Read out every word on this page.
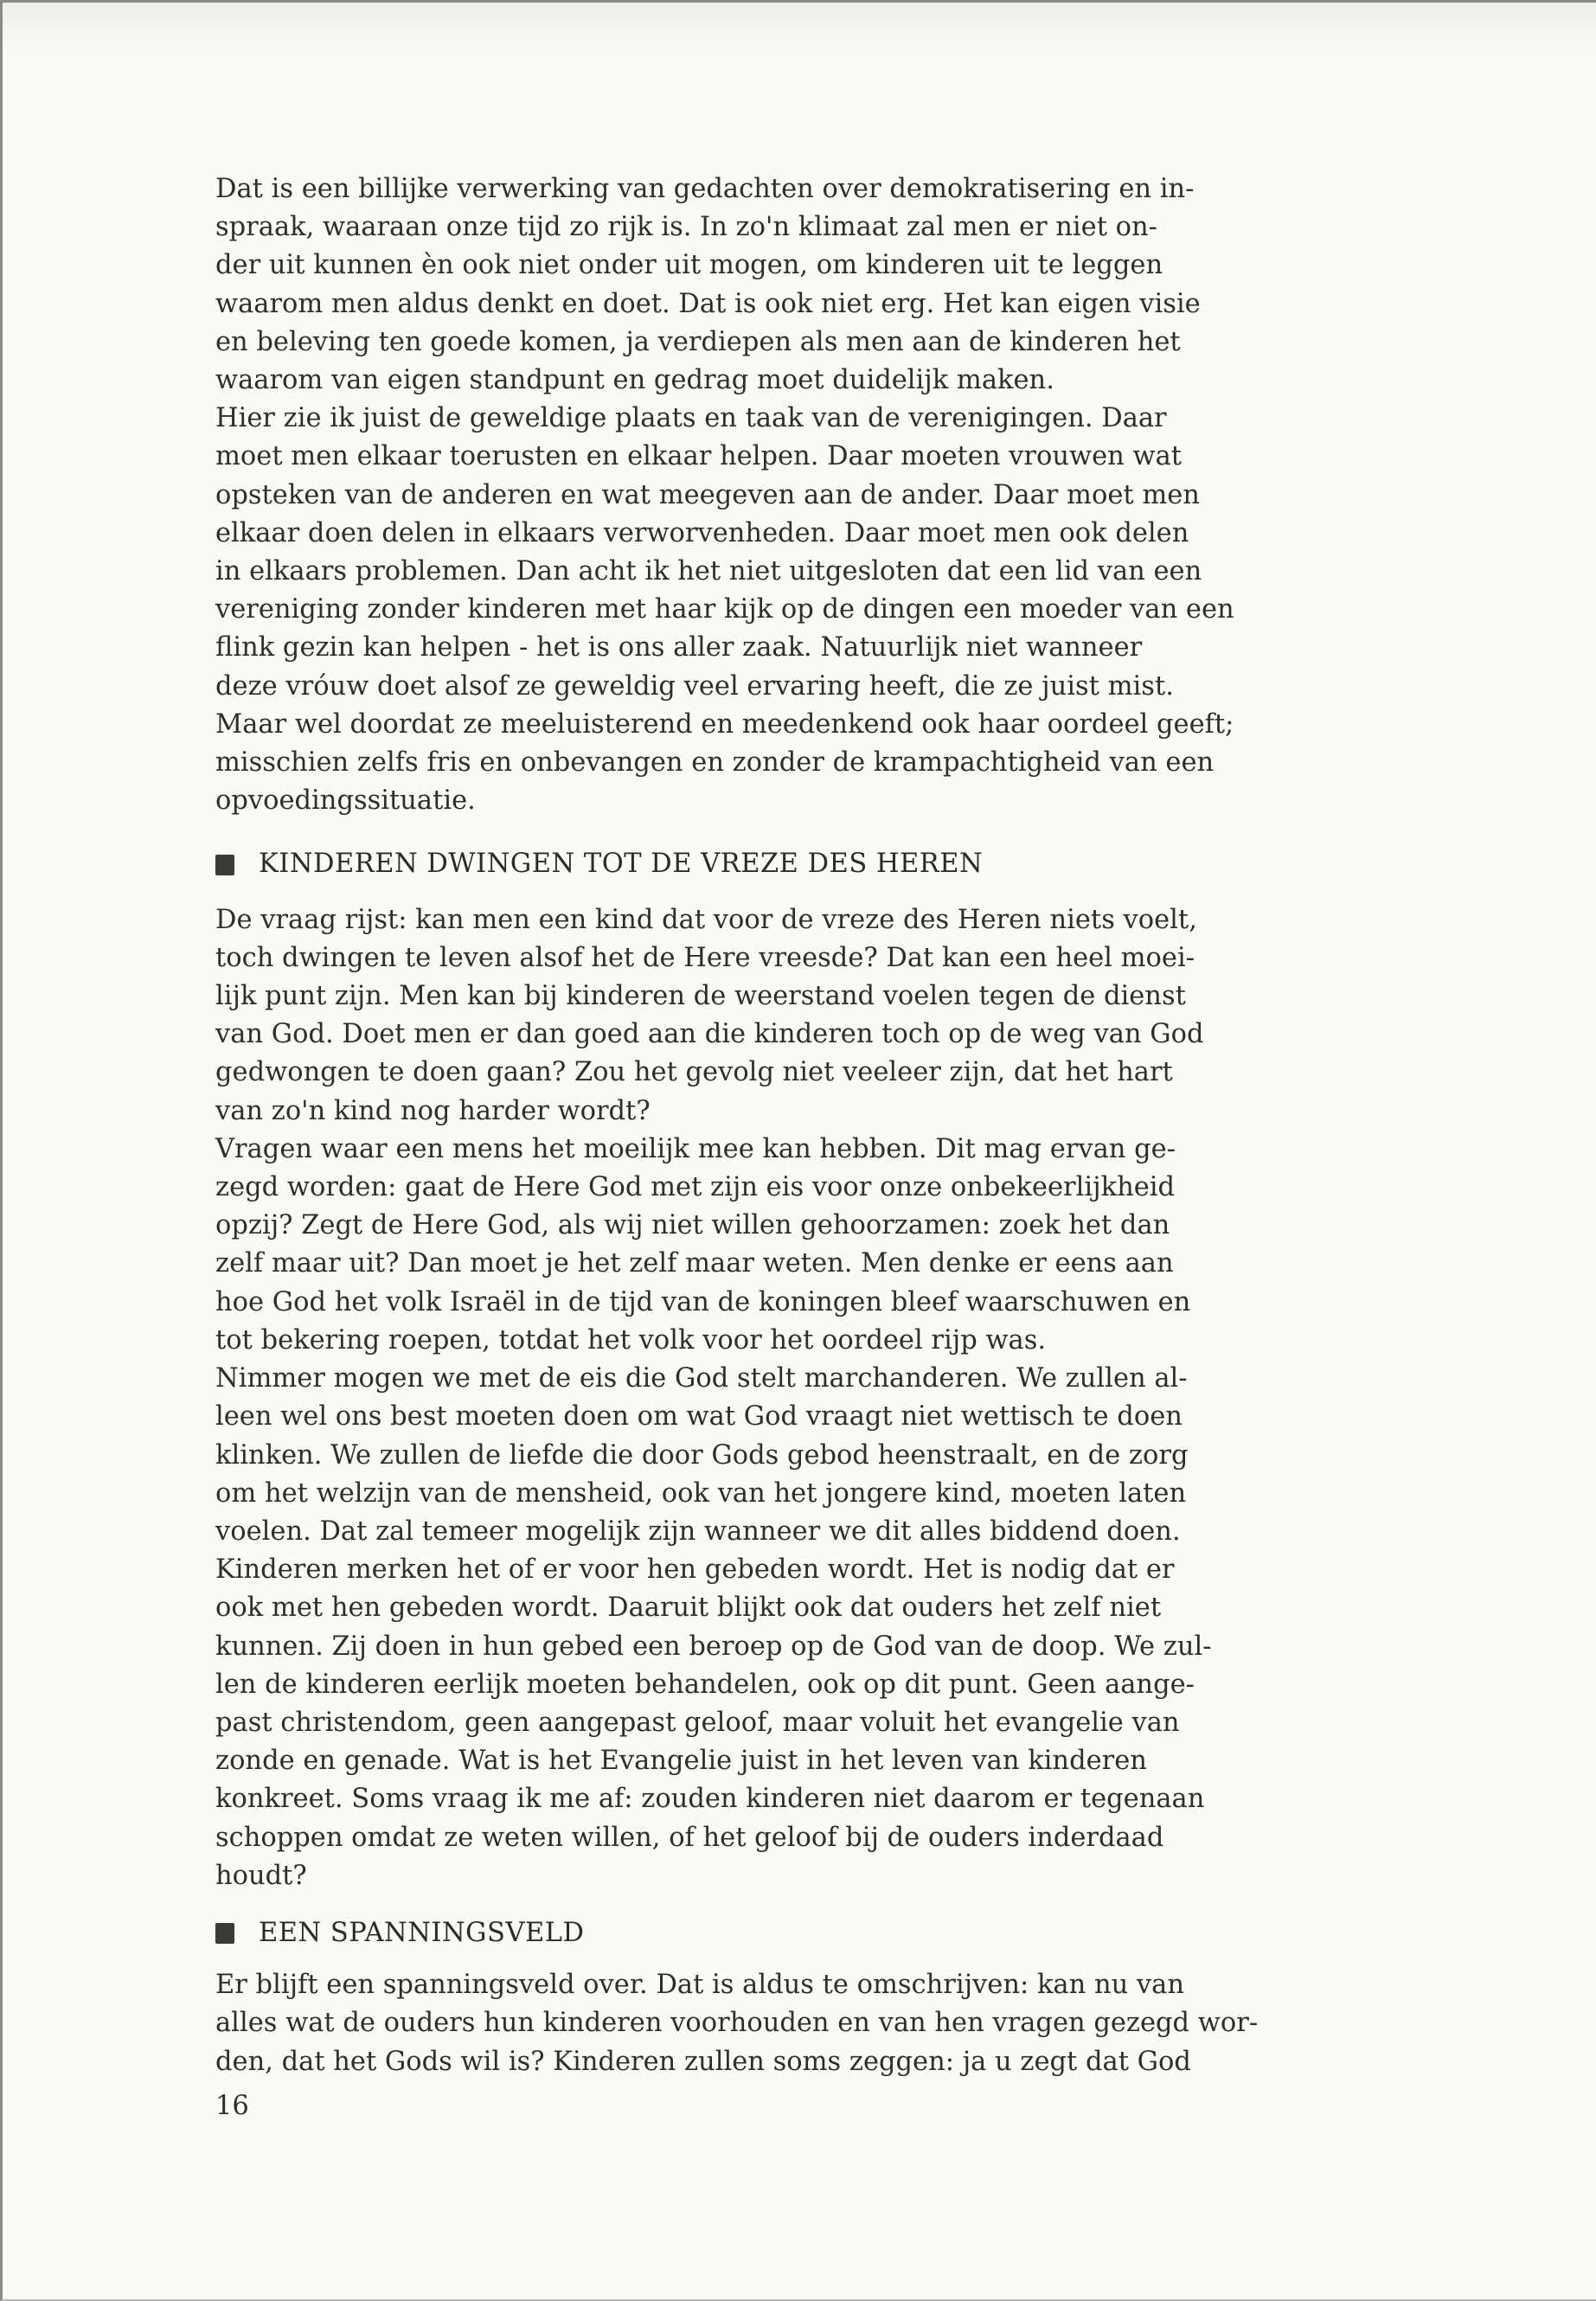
Dat is een billijke verwerking van gedachten over demokratisering en in-
spraak, waaraan onze tijd zo rijk is. In zo'n klimaat zal men er niet on-
der uit kunnen èn ook niet onder uit mogen, om kinderen uit te leggen
waarom men aldus denkt en doet. Dat is ook niet erg. Het kan eigen visie
en beleving ten goede komen, ja verdiepen als men aan de kinderen het
waarom van eigen standpunt en gedrag moet duidelijk maken.
Hier zie ik juist de geweldige plaats en taak van de verenigingen. Daar
moet men elkaar toerusten en elkaar helpen. Daar moeten vrouwen wat
opsteken van de anderen en wat meegeven aan de ander. Daar moet men
elkaar doen delen in elkaars verworvenheden. Daar moet men ook delen
in elkaars problemen. Dan acht ik het niet uitgesloten dat een lid van een
vereniging zonder kinderen met haar kijk op de dingen een moeder van een
flink gezin kan helpen - het is ons aller zaak. Natuurlijk niet wanneer
deze vróuw doet alsof ze geweldig veel ervaring heeft, die ze juist mist.
Maar wel doordat ze meeluisterend en meedenkend ook haar oordeel geeft;
misschien zelfs fris en onbevangen en zonder de krampachtigheid van een
opvoedingssituatie.
KINDEREN DWINGEN TOT DE VREZE DES HEREN
De vraag rijst: kan men een kind dat voor de vreze des Heren niets voelt,
toch dwingen te leven alsof het de Here vreesde? Dat kan een heel moei-
lijk punt zijn. Men kan bij kinderen de weerstand voelen tegen de dienst
van God. Doet men er dan goed aan die kinderen toch op de weg van God
gedwongen te doen gaan? Zou het gevolg niet veeleer zijn, dat het hart
van zo'n kind nog harder wordt?
Vragen waar een mens het moeilijk mee kan hebben. Dit mag ervan ge-
zegd worden: gaat de Here God met zijn eis voor onze onbekeerlijkheid
opzij? Zegt de Here God, als wij niet willen gehoorzamen: zoek het dan
zelf maar uit? Dan moet je het zelf maar weten. Men denke er eens aan
hoe God het volk Israël in de tijd van de koningen bleef waarschuwen en
tot bekering roepen, totdat het volk voor het oordeel rijp was.
Nimmer mogen we met de eis die God stelt marchanderen. We zullen al-
leen wel ons best moeten doen om wat God vraagt niet wettisch te doen
klinken. We zullen de liefde die door Gods gebod heenstraalt, en de zorg
om het welzijn van de mensheid, ook van het jongere kind, moeten laten
voelen. Dat zal temeer mogelijk zijn wanneer we dit alles biddend doen.
Kinderen merken het of er voor hen gebeden wordt. Het is nodig dat er
ook met hen gebeden wordt. Daaruit blijkt ook dat ouders het zelf niet
kunnen. Zij doen in hun gebed een beroep op de God van de doop. We zul-
len de kinderen eerlijk moeten behandelen, ook op dit punt. Geen aange-
past christendom, geen aangepast geloof, maar voluit het evangelie van
zonde en genade. Wat is het Evangelie juist in het leven van kinderen
konkreet. Soms vraag ik me af: zouden kinderen niet daarom er tegenaan
schoppen omdat ze weten willen, of het geloof bij de ouders inderdaad
houdt?
EEN SPANNINGSVELD
Er blijft een spanningsveld over. Dat is aldus te omschrijven: kan nu van
alles wat de ouders hun kinderen voorhouden en van hen vragen gezegd wor-
den, dat het Gods wil is? Kinderen zullen soms zeggen: ja u zegt dat God
16
